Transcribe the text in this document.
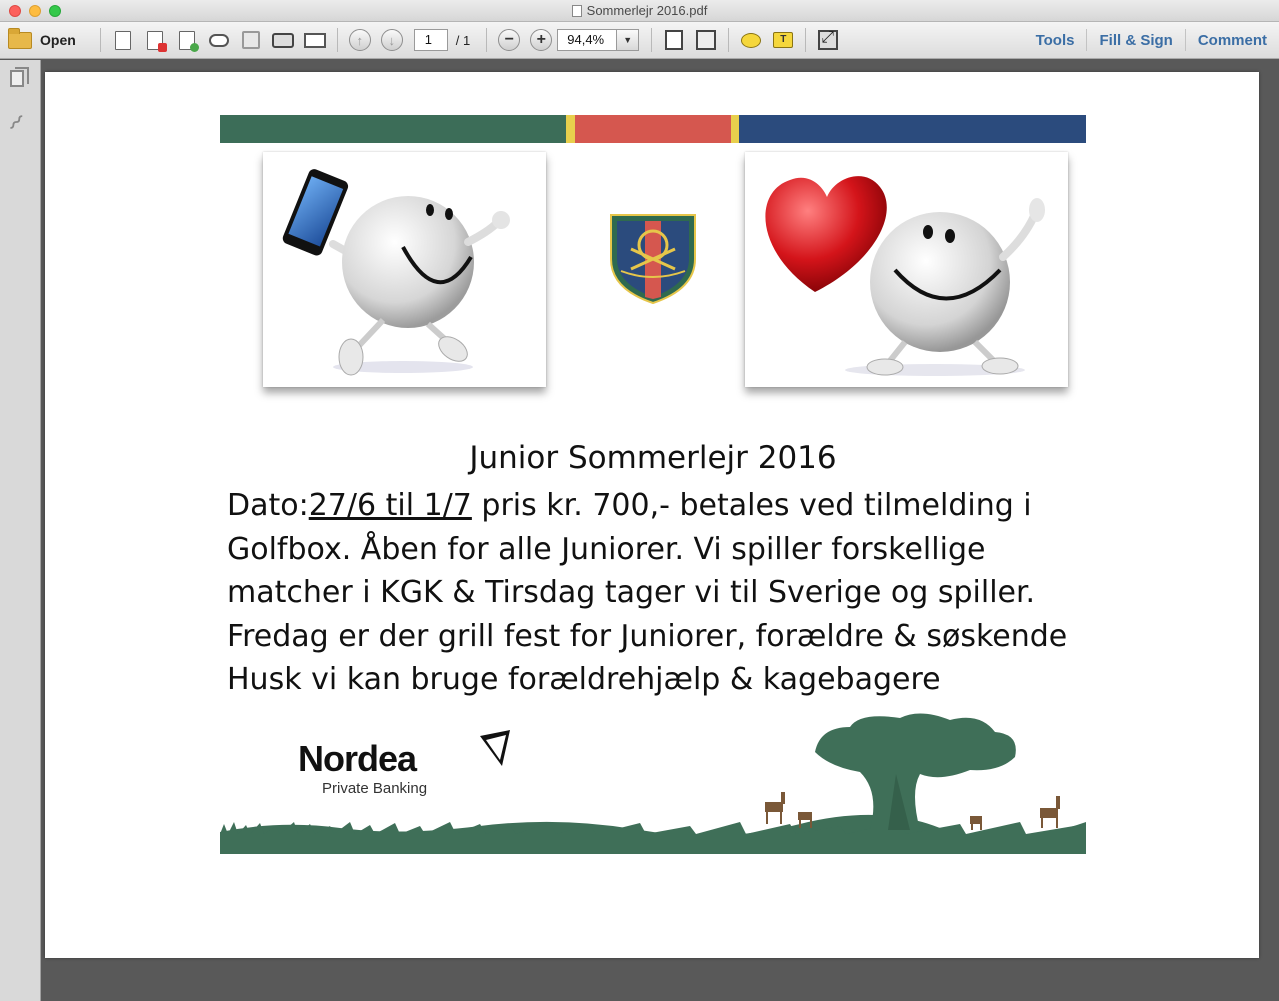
Sommerlejr 2016.pdf
Open	↑	↓	1	/ 1	−	+	94,4%	▼	T
⤢	Tools	Fill & Sign	Comment
⌇
Junior Sommerlejr 2016

Dato:27/6 til 1/7 pris kr. 700,- betales ved tilmelding i

Golfbox. Åben for alle Juniorer. Vi spiller forskellige

matcher i KGK & Tirsdag tager vi til Sverige og spiller.

Fredag er der grill fest for Juniorer, forældre & søskende

Husk vi kan bruge forældrehjælp & kagebagere

Nordea
Private Banking
